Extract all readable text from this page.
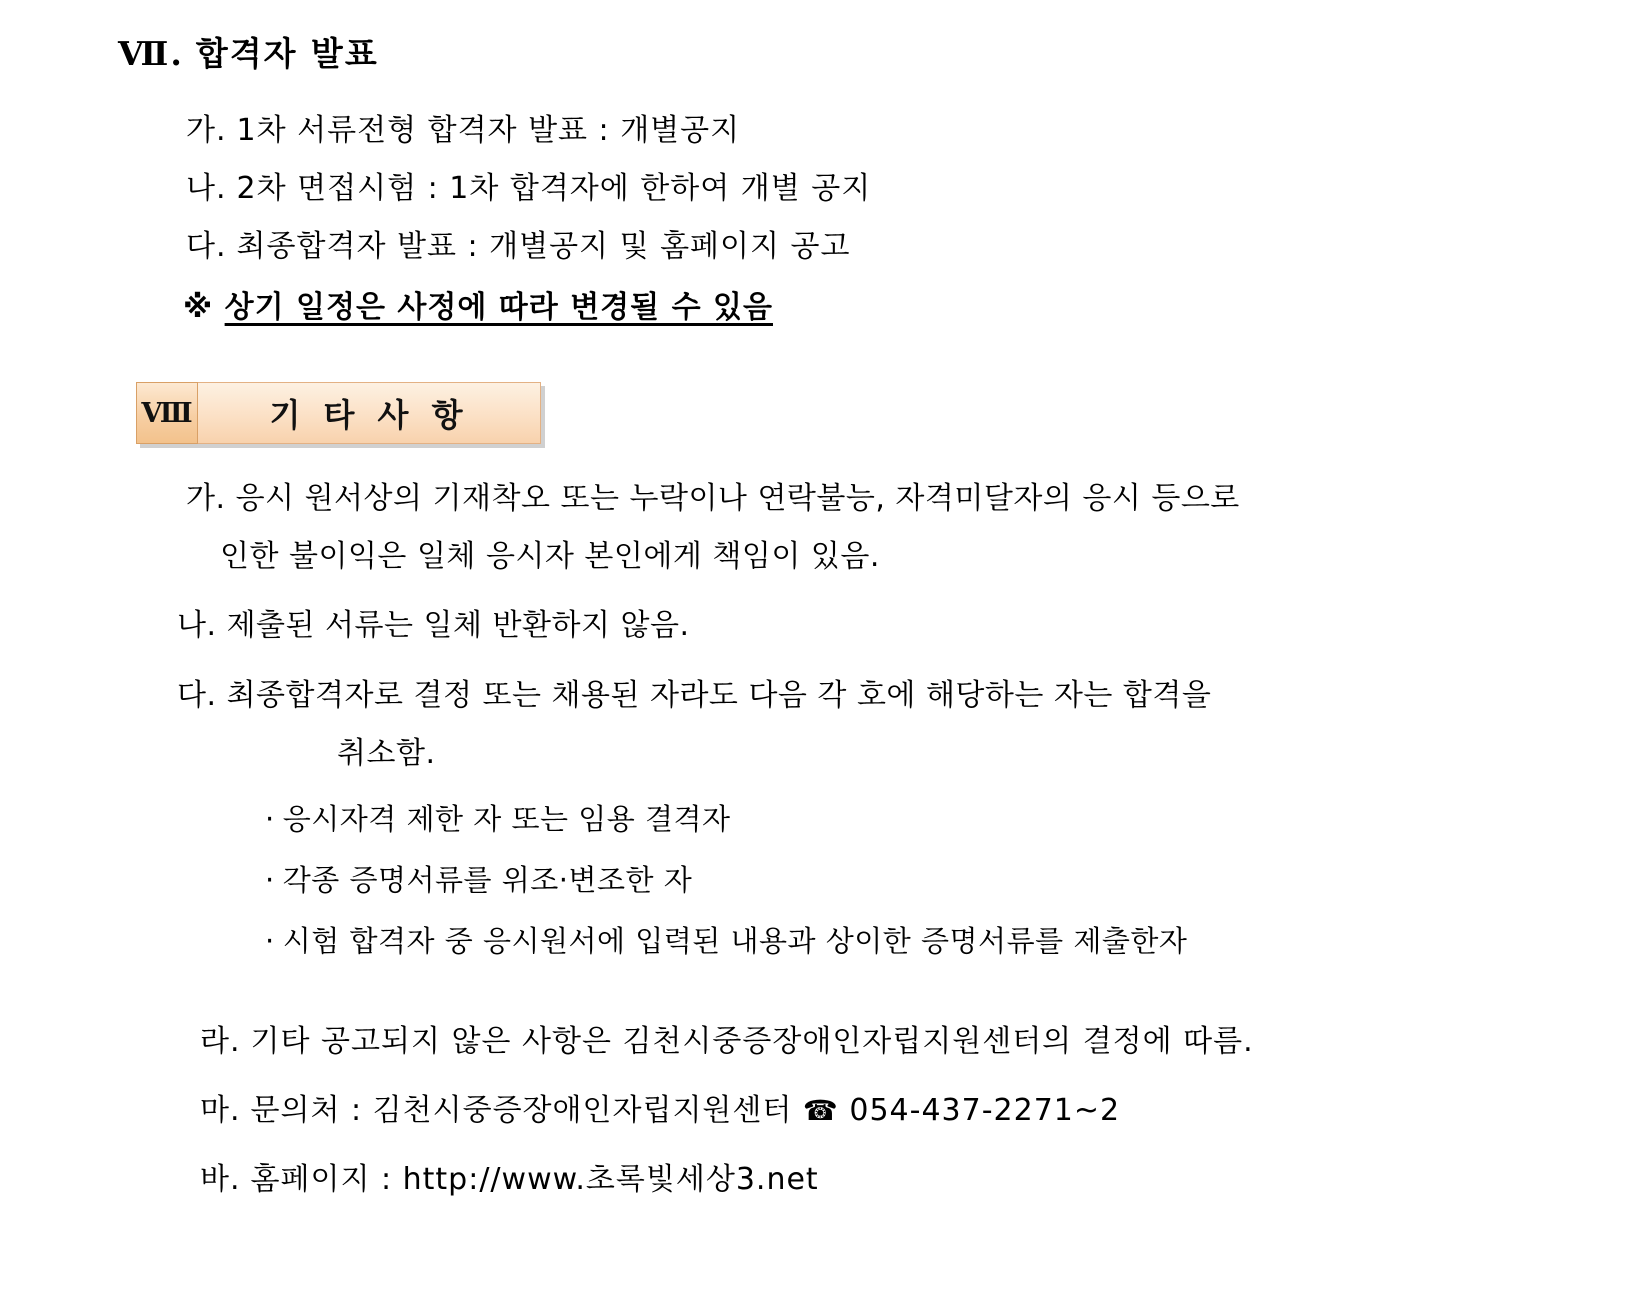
Ⅶ. 합격자 발표
가. 1차 서류전형 합격자 발표 : 개별공지
나. 2차 면접시험 : 1차 합격자에 한하여 개별 공지
다. 최종합격자 발표 : 개별공지 및 홈페이지 공고
※ 상기 일정은 사정에 따라 변경될 수 있음
Ⅷ	기 타 사 항
가. 응시 원서상의 기재착오 또는 누락이나 연락불능, 자격미달자의 응시 등으로
인한 불이익은 일체 응시자 본인에게 책임이 있음.
나. 제출된 서류는 일체 반환하지 않음.
다. 최종합격자로 결정 또는 채용된 자라도 다음 각 호에 해당하는 자는 합격을
취소함.
· 응시자격 제한 자 또는 임용 결격자
· 각종 증명서류를 위조·변조한 자
· 시험 합격자 중 응시원서에 입력된 내용과 상이한 증명서류를 제출한자
라. 기타 공고되지 않은 사항은 김천시중증장애인자립지원센터의 결정에 따름.
마. 문의처 : 김천시중증장애인자립지원센터 ☎ 054-437-2271~2
바. 홈페이지 : http://www.초록빛세상3.net
